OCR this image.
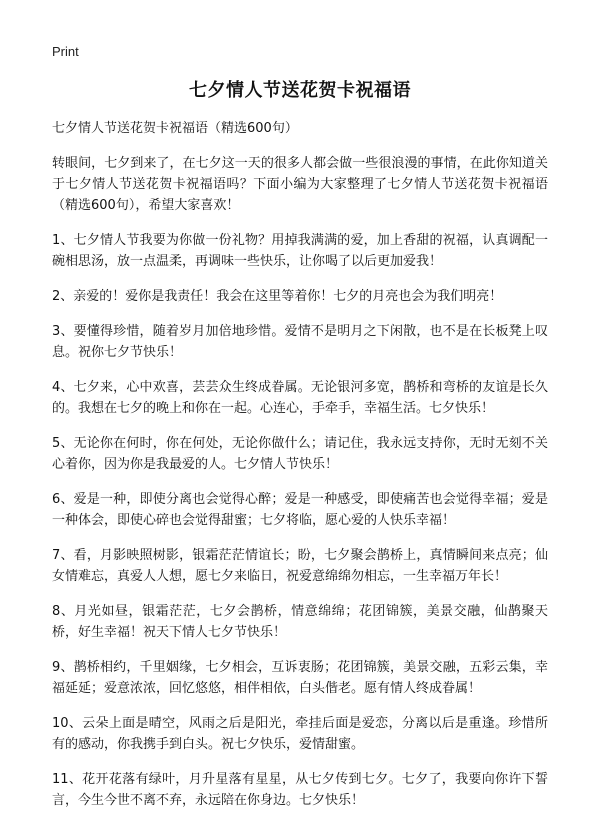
Print
七夕情人节送花贺卡祝福语

七夕情人节送花贺卡祝福语（精选600句）

转眼间，七夕到来了，在七夕这一天的很多人都会做一些很浪漫的事情，在此你知道关于七夕情人节送花贺卡祝福语吗？下面小编为大家整理了七夕情人节送花贺卡祝福语（精选600句），希望大家喜欢！

1、七夕情人节我要为你做一份礼物？用掉我满满的爱，加上香甜的祝福，认真调配一碗相思汤，放一点温柔，再调味一些快乐，让你喝了以后更加爱我！

2、亲爱的！爱你是我责任！我会在这里等着你！七夕的月亮也会为我们明亮！

3、要懂得珍惜，随着岁月加倍地珍惜。爱情不是明月之下闲散，也不是在长板凳上叹息。祝你七夕节快乐！

4、七夕来，心中欢喜，芸芸众生终成眷属。无论银河多宽，鹊桥和弯桥的友谊是长久的。我想在七夕的晚上和你在一起。心连心，手牵手，幸福生活。七夕快乐！

5、无论你在何时，你在何处，无论你做什么；请记住，我永远支持你，无时无刻不关心着你，因为你是我最爱的人。七夕情人节快乐！

6、爱是一种，即使分离也会觉得心醉；爱是一种感受，即使痛苦也会觉得幸福；爱是一种体会，即使心碎也会觉得甜蜜；七夕将临，愿心爱的人快乐幸福！

7、看，月影映照树影，银霜茫茫情谊长；盼，七夕聚会鹊桥上，真情瞬间来点亮；仙女情难忘，真爱人人想，愿七夕来临日，祝爱意绵绵勿相忘，一生幸福万年长！

8、月光如昼，银霜茫茫，七夕会鹊桥，情意绵绵；花团锦簇，美景交融，仙鹊聚天桥，好生幸福！祝天下情人七夕节快乐！

9、鹊桥相约，千里姻缘，七夕相会，互诉衷肠；花团锦簇，美景交融，五彩云集，幸福延延；爱意浓浓，回忆悠悠，相伴相依，白头偕老。愿有情人终成眷属！

10、云朵上面是晴空，风雨之后是阳光，牵挂后面是爱恋，分离以后是重逢。珍惜所有的感动，你我携手到白头。祝七夕快乐，爱情甜蜜。

11、花开花落有绿叶，月升星落有星星，从七夕传到七夕。七夕了，我要向你许下誓言，今生今世不离不弃，永远陪在你身边。七夕快乐！
